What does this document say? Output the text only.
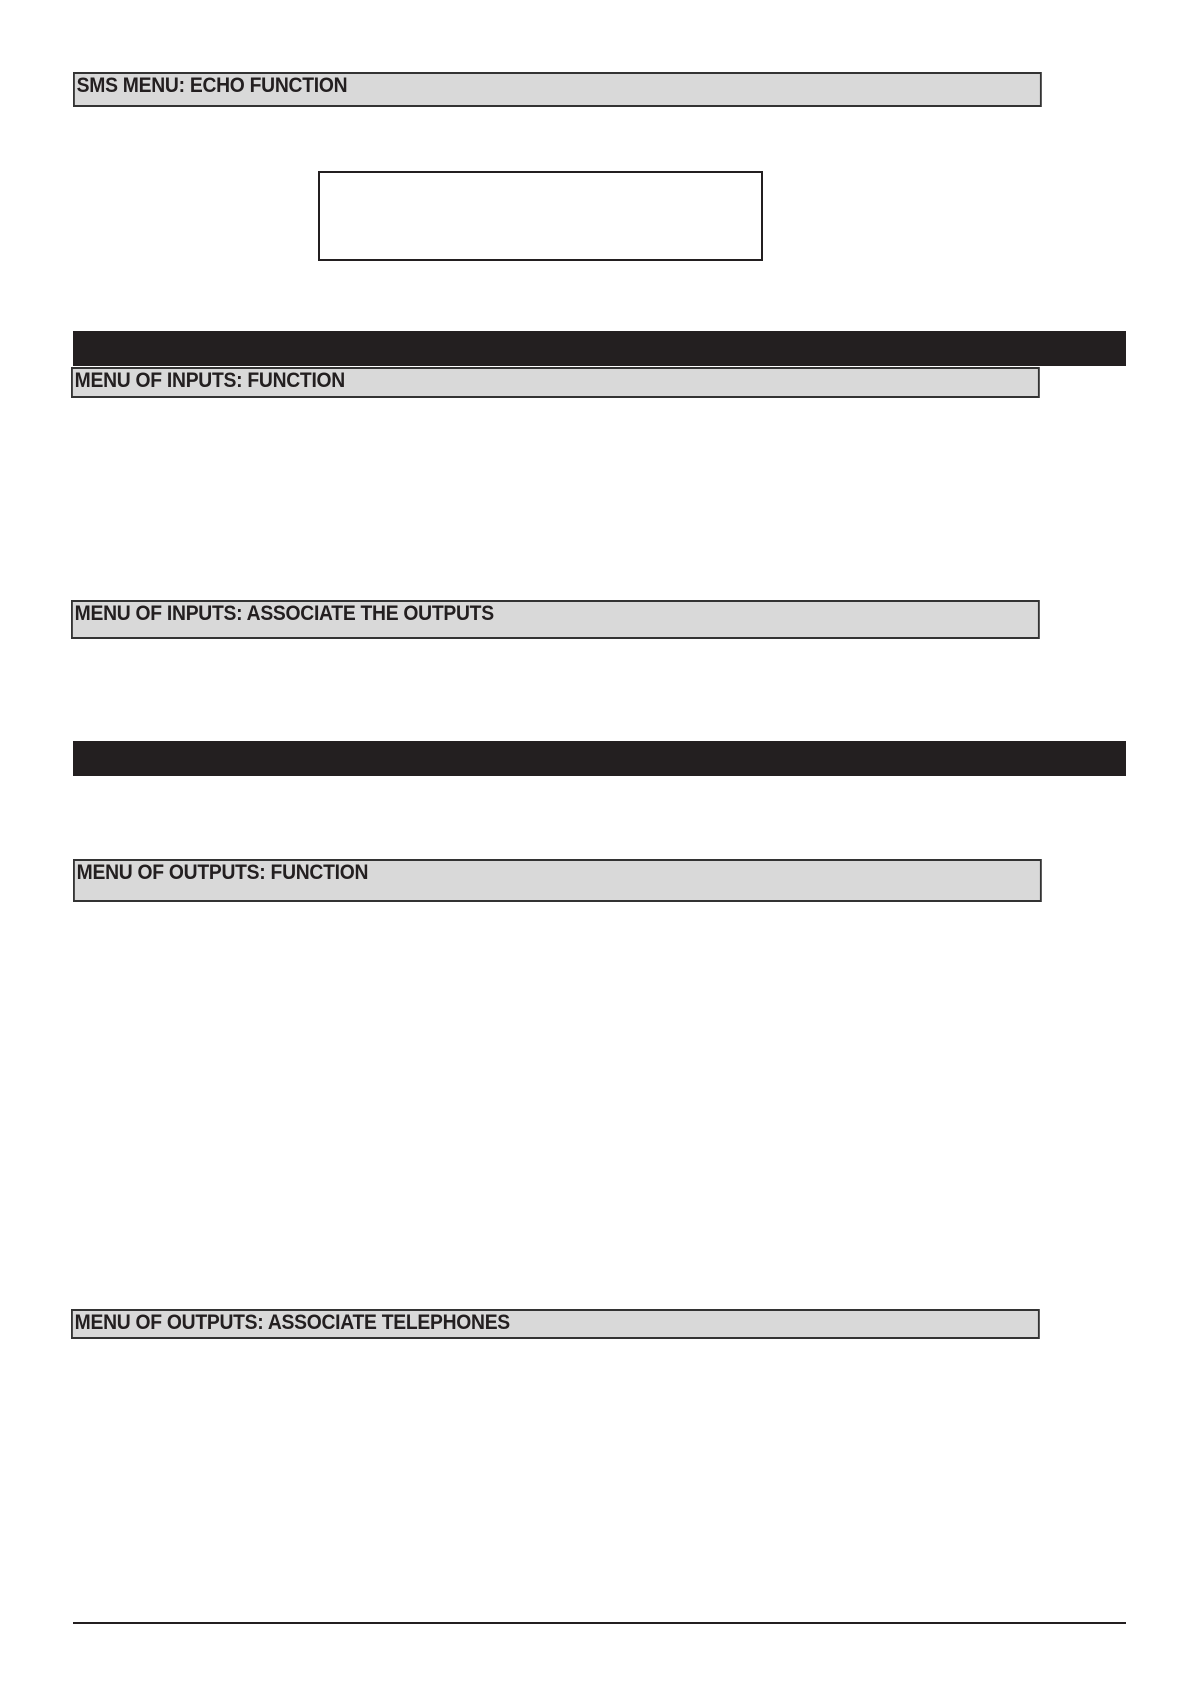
SMS MENU: ECHO FUNCTION
MENU OF INPUTS: FUNCTION
MENU OF INPUTS: ASSOCIATE THE OUTPUTS
MENU OF OUTPUTS: FUNCTION
MENU OF OUTPUTS: ASSOCIATE TELEPHONES
